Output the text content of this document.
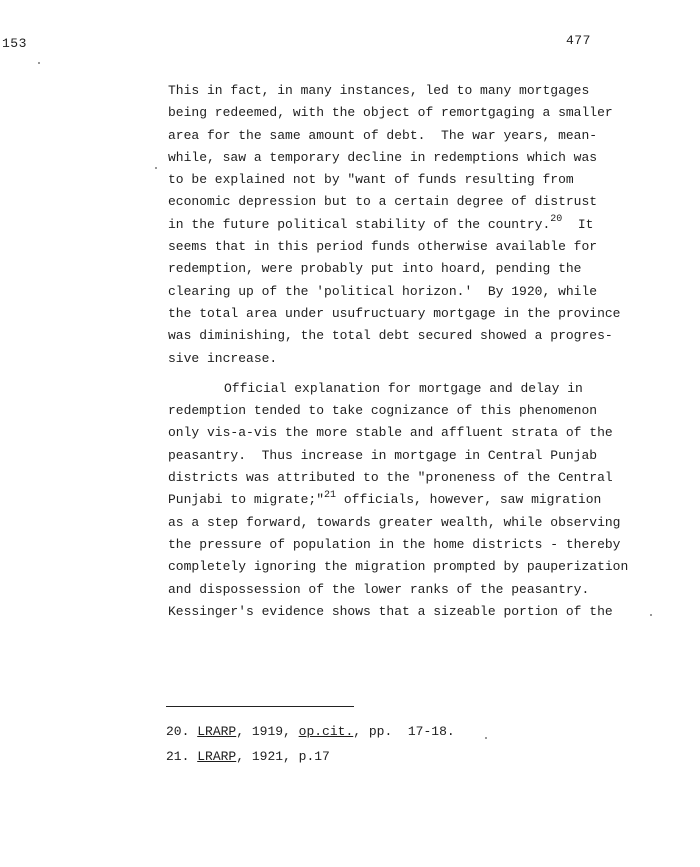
153	477
This in fact, in many instances, led to many mortgages
being redeemed, with the object of remortgaging a smaller
area for the same amount of debt.  The war years, mean-
while, saw a temporary decline in redemptions which was
to be explained not by "want of funds resulting from
economic depression but to a certain degree of distrust
in the future political stability of the country.$^{20}$  It
seems that in this period funds otherwise available for
redemption, were probably put into hoard, pending the
clearing up of the 'political horizon.'  By 1920, while
the total area under usufructuary mortgage in the province
was diminishing, the total debt secured showed a progres-
sive increase.
Official explanation for mortgage and delay in
redemption tended to take cognizance of this phenomenon
only vis-a-vis the more stable and affluent strata of the
peasantry.  Thus increase in mortgage in Central Punjab
districts was attributed to the "proneness of the Central
Punjabi to migrate;"$^{21}$ officials, however, saw migration
as a step forward, towards greater wealth, while observing
the pressure of population in the home districts - thereby
completely ignoring the migration prompted by pauperization
and dispossession of the lower ranks of the peasantry.
Kessinger's evidence shows that a sizeable portion of the
20. LRARP, 1919, op.cit., pp.  17-18.
21. LRARP, 1921, p.17
